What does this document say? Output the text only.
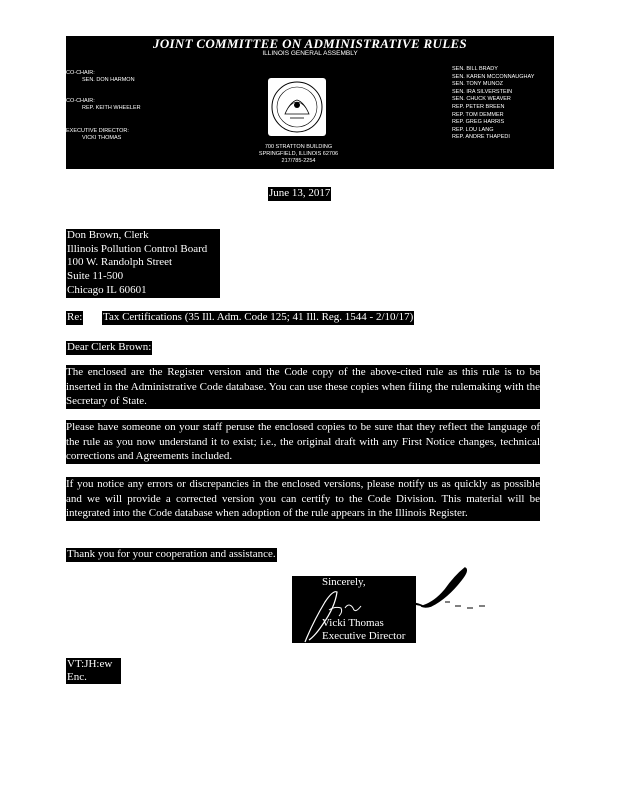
JOINT COMMITTEE ON ADMINISTRATIVE RULES
ILLINOIS GENERAL ASSEMBLY
CO-CHAIR:
SEN. DON HARMON
CO-CHAIR:
REP. KEITH WHEELER
EXECUTIVE DIRECTOR:
VICKI THOMAS
700 STRATTON BUILDING
SPRINGFIELD, ILLINOIS 62706
217/785-2254
SEN. BILL BRADY
SEN. KAREN MCCONNAUGHAY
SEN. TONY MUNOZ
SEN. IRA SILVERSTEIN
SEN. CHUCK WEAVER
REP. PETER BREEN
REP. TOM DEMMER
REP. GREG HARRIS
REP. LOU LANG
REP. ANDRE THAPEDI
June 13, 2017
Don Brown, Clerk
Illinois Pollution Control Board
100 W. Randolph Street
Suite 11-500
Chicago IL 60601
Re: Tax Certifications (35 Ill. Adm. Code 125; 41 Ill. Reg. 1544 - 2/10/17)
Dear Clerk Brown:
The enclosed are the Register version and the Code copy of the above-cited rule as this rule is to be inserted in the Administrative Code database. You can use these copies when filing the rulemaking with the Secretary of State.
Please have someone on your staff peruse the enclosed copies to be sure that they reflect the language of the rule as you now understand it to exist; i.e., the original draft with any First Notice changes, technical corrections and Agreements included.
If you notice any errors or discrepancies in the enclosed versions, please notify us as quickly as possible and we will provide a corrected version you can certify to the Code Division. This material will be integrated into the Code database when adoption of the rule appears in the Illinois Register.
Thank you for your cooperation and assistance.
Sincerely,
Vicki Thomas
Executive Director
VT:JH:ew
Enc.
